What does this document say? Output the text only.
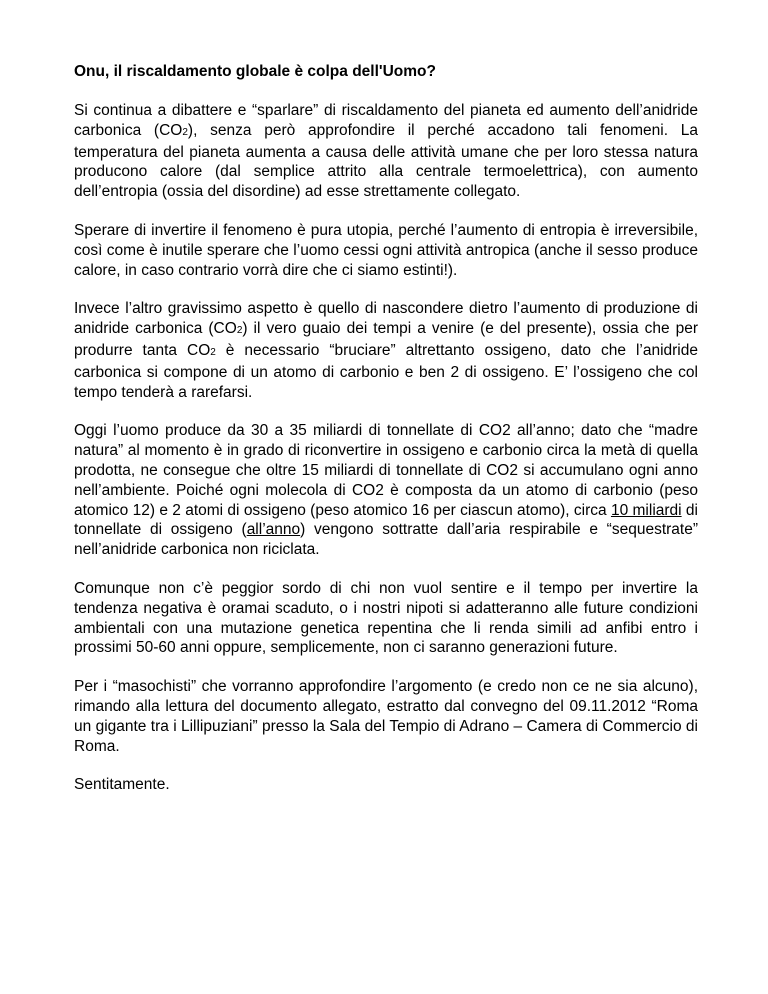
Onu, il riscaldamento globale è colpa dell'Uomo?

Si continua a dibattere e “sparlare” di riscaldamento del pianeta ed aumento dell’anidride carbonica (CO2), senza però approfondire il perché accadono tali fenomeni. La temperatura del pianeta aumenta a causa delle attività umane che per loro stessa natura producono calore (dal semplice attrito alla centrale termoelettrica), con aumento dell’entropia (ossia del disordine) ad esse strettamente collegato.

Sperare di invertire il fenomeno è pura utopia, perché l’aumento di entropia è irreversibile, così come è inutile sperare che l’uomo cessi ogni attività antropica (anche il sesso produce calore, in caso contrario vorrà dire che ci siamo estinti!).

Invece l’altro gravissimo aspetto è quello di nascondere dietro l’aumento di produzione di anidride carbonica (CO2) il vero guaio dei tempi a venire (e del presente), ossia che per produrre tanta CO2 è necessario “bruciare” altrettanto ossigeno, dato che l’anidride carbonica si compone di un atomo di carbonio e ben 2 di ossigeno. E’ l’ossigeno che col tempo tenderà a rarefarsi.

Oggi l’uomo produce da 30 a 35 miliardi di tonnellate di CO2 all’anno; dato che “madre natura” al momento è in grado di riconvertire in ossigeno e carbonio circa la metà di quella prodotta, ne consegue che oltre 15 miliardi di tonnellate di CO2 si accumulano ogni anno nell’ambiente. Poiché ogni molecola di CO2 è composta da un atomo di carbonio (peso atomico 12) e 2 atomi di ossigeno (peso atomico 16 per ciascun atomo), circa 10 miliardi di tonnellate di ossigeno (all’anno) vengono sottratte dall’aria respirabile e “sequestrate” nell’anidride carbonica non riciclata.

Comunque non c’è peggior sordo di chi non vuol sentire e il tempo per invertire la tendenza negativa è oramai scaduto, o i nostri nipoti si adatteranno alle future condizioni ambientali con una mutazione genetica repentina che li renda simili ad anfibi entro i prossimi 50-60 anni oppure, semplicemente, non ci saranno generazioni future.

Per i “masochisti” che vorranno approfondire l’argomento (e credo non ce ne sia alcuno), rimando alla lettura del documento allegato, estratto dal convegno del 09.11.2012 “Roma un gigante tra i Lillipuziani” presso la Sala del Tempio di Adrano – Camera di Commercio di Roma.

Sentitamente.
